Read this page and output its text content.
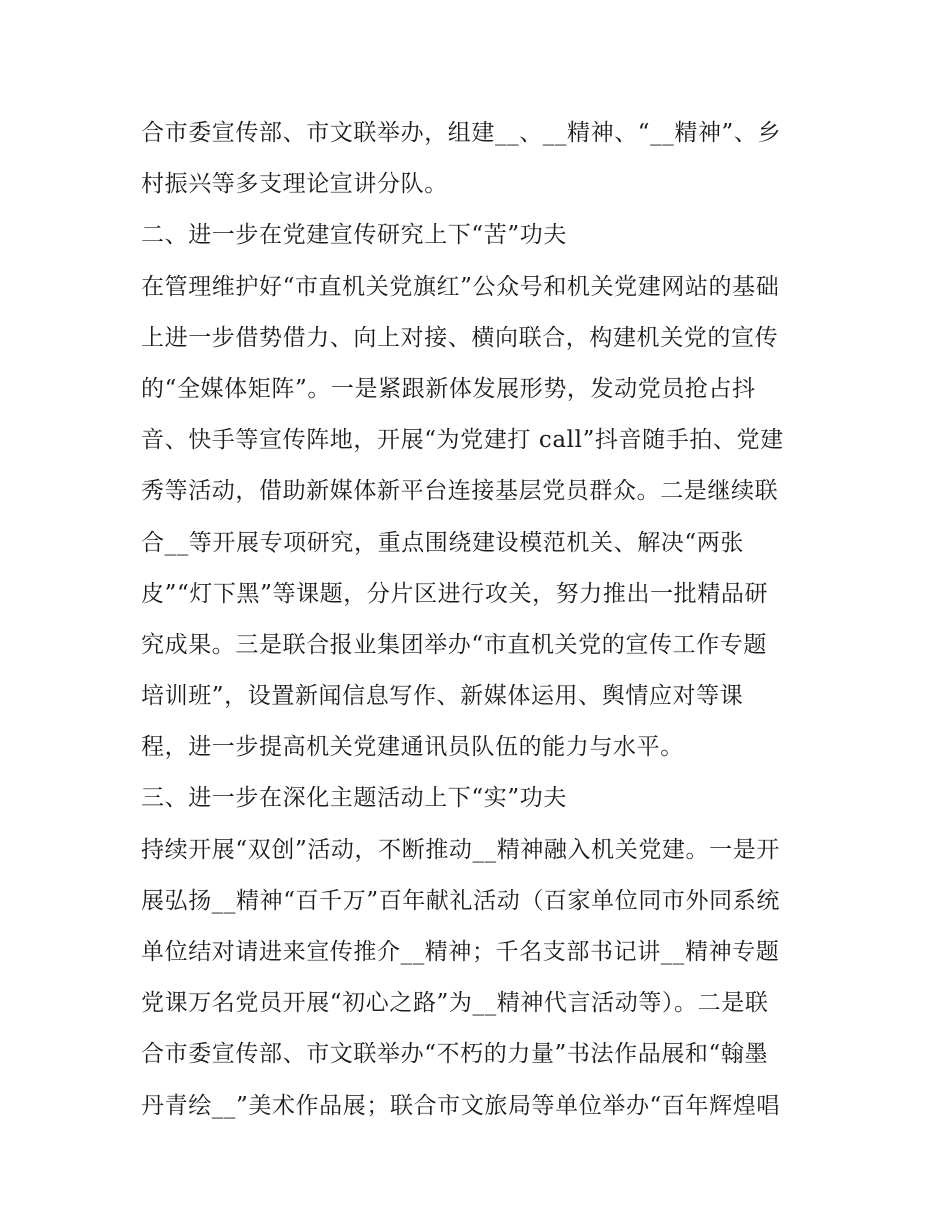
合市委宣传部、市文联举办，组建__、__精神、“__精神”、乡
村振兴等多支理论宣讲分队。
二、进一步在党建宣传研究上下“苦”功夫
在管理维护好“市直机关党旗红”公众号和机关党建网站的基础
上进一步借势借力、向上对接、横向联合，构建机关党的宣传
的“全媒体矩阵”。一是紧跟新体发展形势，发动党员抢占抖
音、快手等宣传阵地，开展“为党建打 call”抖音随手拍、党建
秀等活动，借助新媒体新平台连接基层党员群众。二是继续联
合__等开展专项研究，重点围绕建设模范机关、解决“两张
皮”“灯下黑”等课题，分片区进行攻关，努力推出一批精品研
究成果。三是联合报业集团举办“市直机关党的宣传工作专题
培训班”，设置新闻信息写作、新媒体运用、舆情应对等课
程，进一步提高机关党建通讯员队伍的能力与水平。
三、进一步在深化主题活动上下“实”功夫
持续开展“双创”活动，不断推动__精神融入机关党建。一是开
展弘扬__精神“百千万”百年献礼活动（百家单位同市外同系统
单位结对请进来宣传推介__精神；千名支部书记讲__精神专题
党课万名党员开展“初心之路”为__精神代言活动等）。二是联
合市委宣传部、市文联举办“不朽的力量”书法作品展和“翰墨
丹青绘__”美术作品展；联合市文旅局等单位举办“百年辉煌唱
